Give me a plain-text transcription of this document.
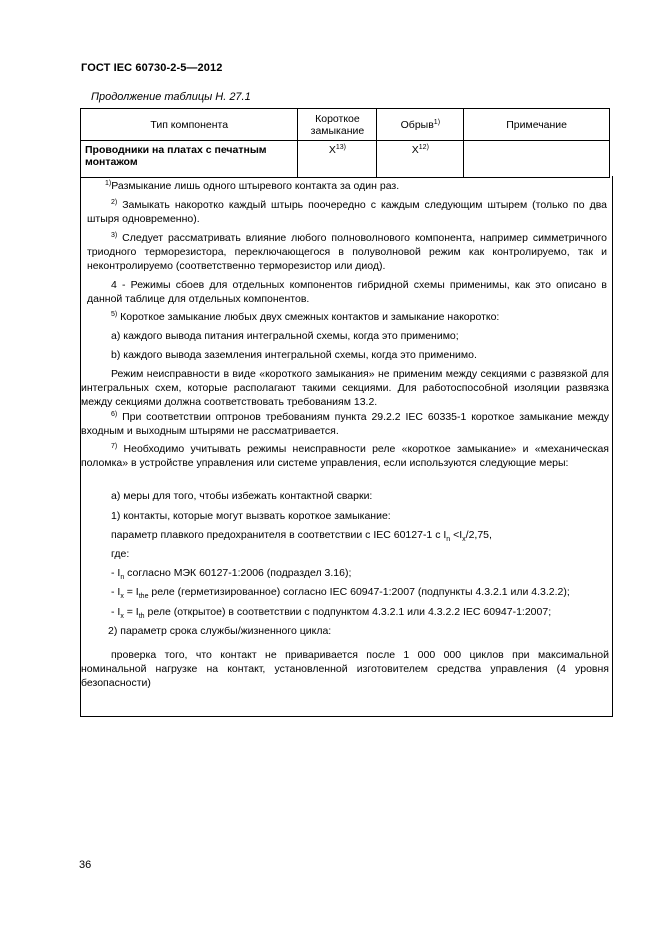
ГОСТ IEC 60730-2-5—2012
Продолжение таблицы H. 27.1
Тип компонента	Короткое замыкание	Обрыв$^{1)}$	Примечание
Проводники на платах с печатным монтажом	$X^{13)}$	$X^{12)}$	
$^{1)}$Размыкание лишь одного штыревого контакта за один раз.
$^{2)}$ Замыкать накоротко каждый штырь поочередно с каждым следующим штырем (только по два штыря одновременно).
$^{3)}$ Следует рассматривать влияние любого полноволнового компонента, например симметричного триодного терморезистора, переключающегося в полуволновой режим как контролируемо, так и неконтролируемо (соответственно терморезистор или диод).
4 - Режимы сбоев для отдельных компонентов гибридной схемы применимы, как это описано в данной таблице для отдельных компонентов.
$^{5)}$ Короткое замыкание любых двух смежных контактов и замыкание накоротко:
a) каждого вывода питания интегральной схемы, когда это применимо;
b) каждого вывода заземления интегральной схемы, когда это применимо.
Режим неисправности в виде «короткого замыкания» не применим между секциями с развязкой для интегральных схем, которые располагают такими секциями. Для работоспособной изоляции развязка между секциями должна соответствовать требованиям 13.2.
$^{6)}$ При соответствии оптронов требованиям пункта 29.2.2 IEC 60335-1 короткое замыкание между входным и выходным штырями не рассматривается.
$^{7)}$ Необходимо учитывать режимы неисправности реле «короткое замыкание» и «механическая поломка» в устройстве управления или системе управления, если используются следующие меры:
a) меры для того, чтобы избежать контактной сварки:
1) контакты, которые могут вызвать короткое замыкание:
параметр плавкого предохранителя в соответствии с IEC 60127-1 с $I_n <I_x/2,75$,
где:
- $I_n$ согласно МЭК 60127-1:2006 (подраздел 3.16);
- $I_x = I_{the}$ реле (герметизированное) согласно IEC 60947-1:2007 (подпункты 4.3.2.1 или 4.3.2.2);
- $I_x = I_{th}$ реле (открытое) в соответствии с подпунктом 4.3.2.1 или 4.3.2.2 IEC 60947-1:2007;
2) параметр срока службы/жизненного цикла:
проверка того, что контакт не приваривается после 1 000 000 циклов при максимальной номинальной нагрузке на контакт, установленной изготовителем средства управления (4 уровня безопасности)
36
